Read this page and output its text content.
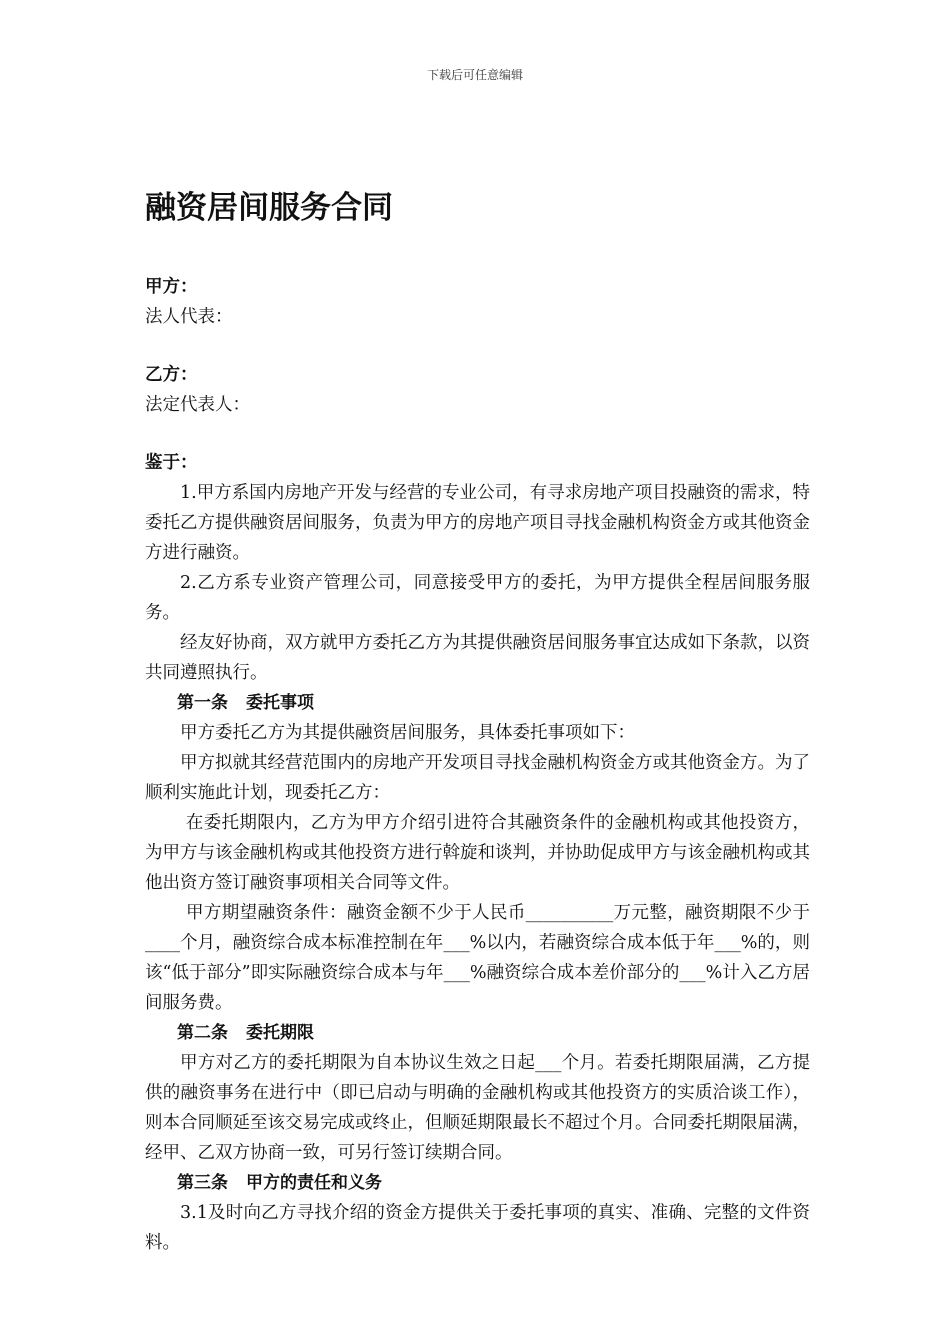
下载后可任意编辑
融资居间服务合同

甲方：

法人代表：

乙方：

法定代表人：

鉴于：

1.甲方系国内房地产开发与经营的专业公司，有寻求房地产项目投融资的需求，特委托乙方提供融资居间服务，负责为甲方的房地产项目寻找金融机构资金方或其他资金方进行融资。

2.乙方系专业资产管理公司，同意接受甲方的委托，为甲方提供全程居间服务服务。

经友好协商，双方就甲方委托乙方为其提供融资居间服务事宜达成如下条款，以资共同遵照执行。

第一条 委托事项

甲方委托乙方为其提供融资居间服务，具体委托事项如下：

甲方拟就其经营范围内的房地产开发项目寻找金融机构资金方或其他资金方。为了顺利实施此计划，现委托乙方：

在委托期限内，乙方为甲方介绍引进符合其融资条件的金融机构或其他投资方，为甲方与该金融机构或其他投资方进行斡旋和谈判，并协助促成甲方与该金融机构或其他出资方签订融资事项相关合同等文件。

甲方期望融资条件：融资金额不少于人民币__________万元整，融资期限不少于____个月，融资综合成本标准控制在年___%以内，若融资综合成本低于年___%的，则该“低于部分”即实际融资综合成本与年___%融资综合成本差价部分的___%计入乙方居间服务费。

第二条 委托期限

甲方对乙方的委托期限为自本协议生效之日起___个月。若委托期限届满，乙方提供的融资事务在进行中（即已启动与明确的金融机构或其他投资方的实质洽谈工作），则本合同顺延至该交易完成或终止，但顺延期限最长不超过个月。合同委托期限届满，经甲、乙双方协商一致，可另行签订续期合同。

第三条 甲方的责任和义务

3.1及时向乙方寻找介绍的资金方提供关于委托事项的真实、准确、完整的文件资料。
